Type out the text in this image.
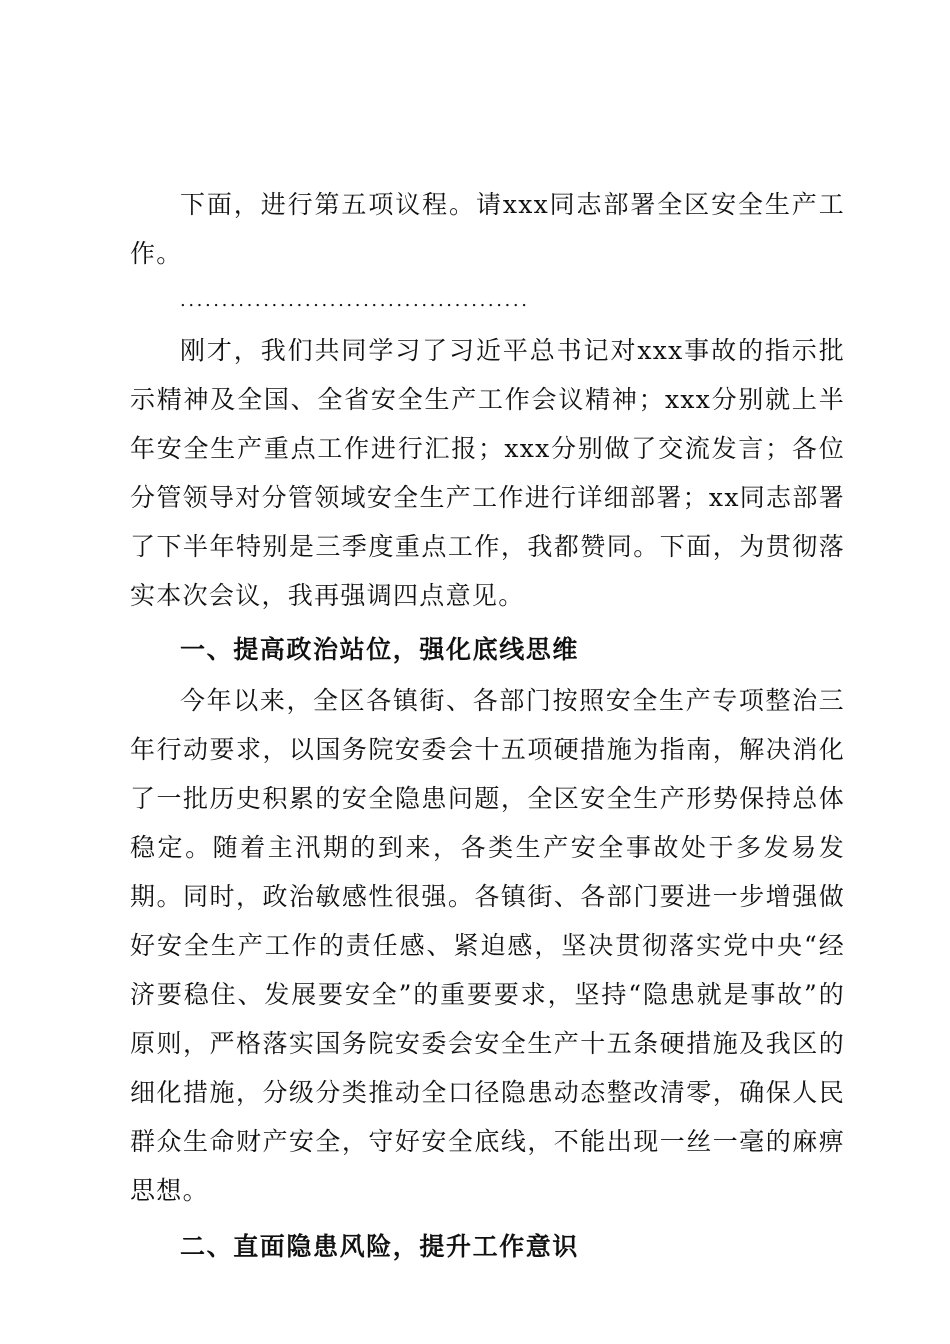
下面，进行第五项议程。请xxx同志部署全区安全生产工作。

..........................................

刚才，我们共同学习了习近平总书记对xxx事故的指示批示精神及全国、全省安全生产工作会议精神；xxx分别就上半年安全生产重点工作进行汇报；xxx分别做了交流发言；各位分管领导对分管领域安全生产工作进行详细部署；xx同志部署了下半年特别是三季度重点工作，我都赞同。下面，为贯彻落实本次会议，我再强调四点意见。

一、提高政治站位，强化底线思维

今年以来，全区各镇街、各部门按照安全生产专项整治三年行动要求，以国务院安委会十五项硬措施为指南，解决消化了一批历史积累的安全隐患问题，全区安全生产形势保持总体稳定。随着主汛期的到来，各类生产安全事故处于多发易发期。同时，政治敏感性很强。各镇街、各部门要进一步增强做好安全生产工作的责任感、紧迫感，坚决贯彻落实党中央“经济要稳住、发展要安全”的重要要求，坚持“隐患就是事故”的原则，严格落实国务院安委会安全生产十五条硬措施及我区的细化措施，分级分类推动全口径隐患动态整改清零，确保人民群众生命财产安全，守好安全底线，不能出现一丝一毫的麻痹思想。

二、直面隐患风险，提升工作意识
